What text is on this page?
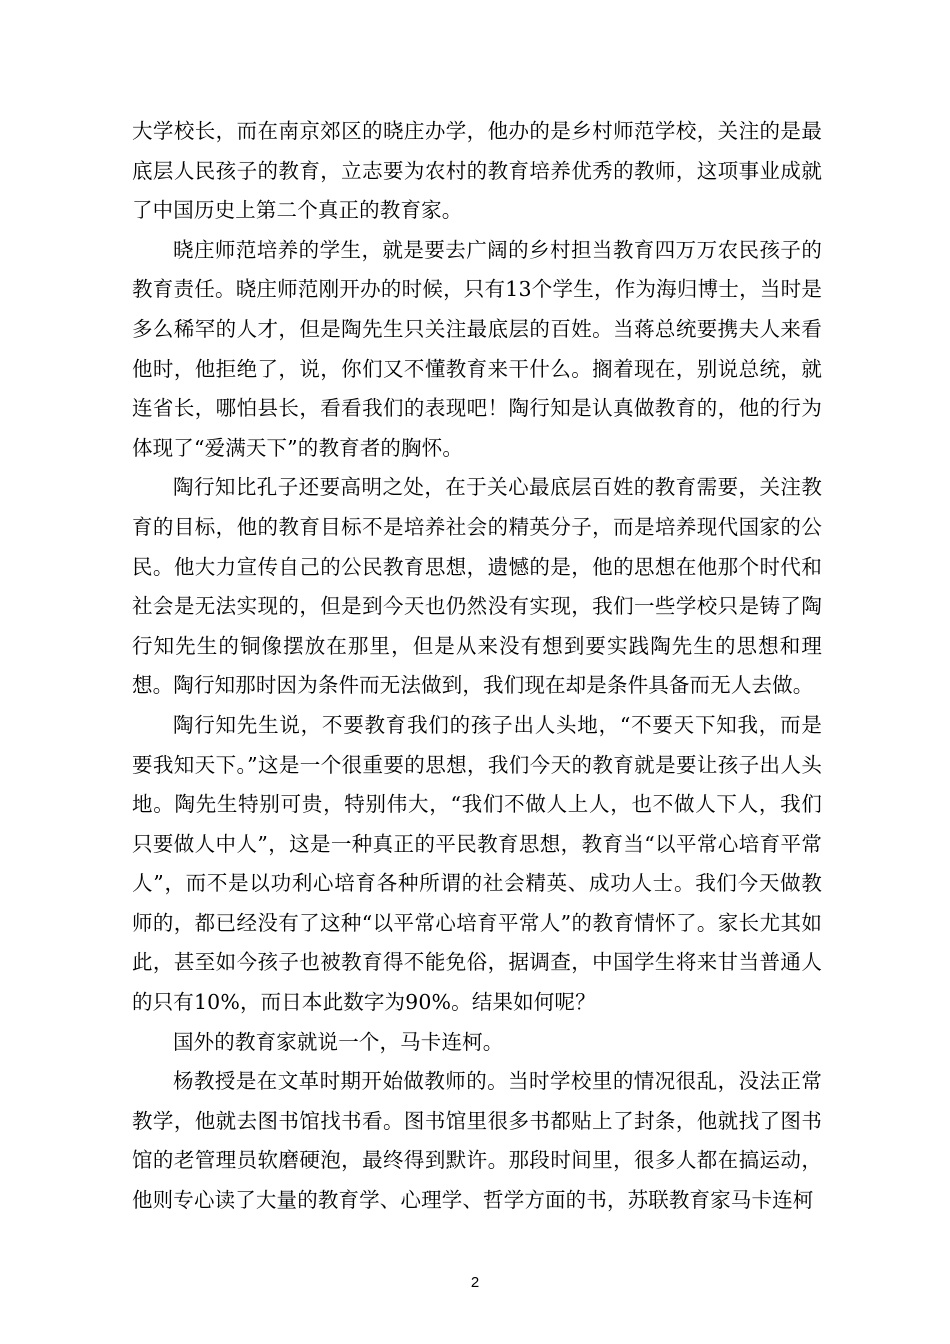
大学校长，而在南京郊区的晓庄办学，他办的是乡村师范学校，关注的是最底层人民孩子的教育，立志要为农村的教育培养优秀的教师，这项事业成就了中国历史上第二个真正的教育家。

晓庄师范培养的学生，就是要去广阔的乡村担当教育四万万农民孩子的教育责任。晓庄师范刚开办的时候，只有13个学生，作为海归博士，当时是多么稀罕的人才，但是陶先生只关注最底层的百姓。当蒋总统要携夫人来看他时，他拒绝了，说，你们又不懂教育来干什么。搁着现在，别说总统，就连省长，哪怕县长，看看我们的表现吧！陶行知是认真做教育的，他的行为体现了“爱满天下”的教育者的胸怀。

陶行知比孔子还要高明之处，在于关心最底层百姓的教育需要，关注教育的目标，他的教育目标不是培养社会的精英分子，而是培养现代国家的公民。他大力宣传自己的公民教育思想，遗憾的是，他的思想在他那个时代和社会是无法实现的，但是到今天也仍然没有实现，我们一些学校只是铸了陶行知先生的铜像摆放在那里，但是从来没有想到要实践陶先生的思想和理想。陶行知那时因为条件而无法做到，我们现在却是条件具备而无人去做。

陶行知先生说，不要教育我们的孩子出人头地，“不要天下知我，而是要我知天下。”这是一个很重要的思想，我们今天的教育就是要让孩子出人头地。陶先生特别可贵，特别伟大，“我们不做人上人，也不做人下人，我们只要做人中人”，这是一种真正的平民教育思想，教育当“以平常心培育平常人”，而不是以功利心培育各种所谓的社会精英、成功人士。我们今天做教师的，都已经没有了这种“以平常心培育平常人”的教育情怀了。家长尤其如此，甚至如今孩子也被教育得不能免俗，据调查，中国学生将来甘当普通人的只有10%，而日本此数字为90%。结果如何呢？

国外的教育家就说一个，马卡连柯。

杨教授是在文革时期开始做教师的。当时学校里的情况很乱，没法正常教学，他就去图书馆找书看。图书馆里很多书都贴上了封条，他就找了图书馆的老管理员软磨硬泡，最终得到默许。那段时间里，很多人都在搞运动，他则专心读了大量的教育学、心理学、哲学方面的书，苏联教育家马卡连柯

2
